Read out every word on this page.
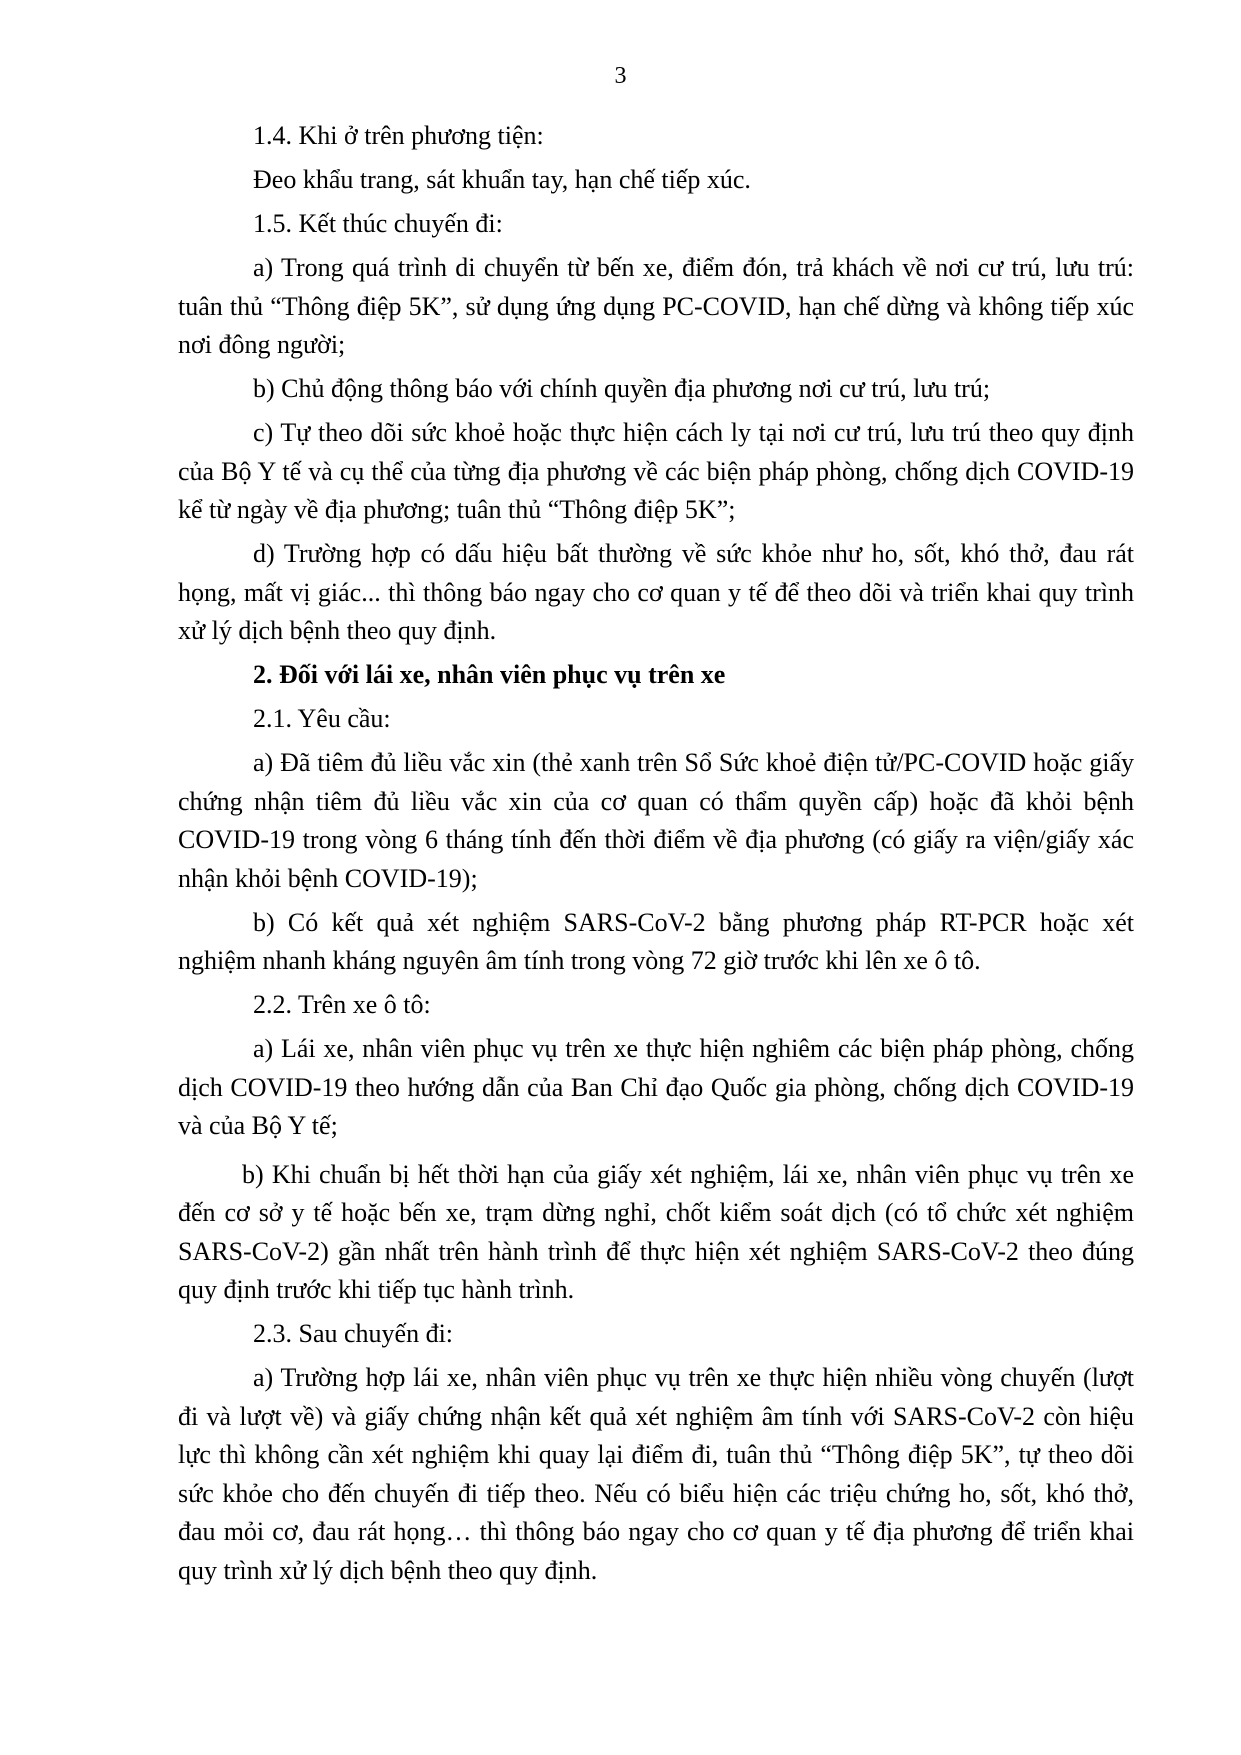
3

1.4. Khi ở trên phương tiện:

Đeo khẩu trang, sát khuẩn tay, hạn chế tiếp xúc.

1.5. Kết thúc chuyến đi:

a) Trong quá trình di chuyển từ bến xe, điểm đón, trả khách về nơi cư trú, lưu trú: tuân thủ “Thông điệp 5K”, sử dụng ứng dụng PC-COVID, hạn chế dừng và không tiếp xúc nơi đông người;

b) Chủ động thông báo với chính quyền địa phương nơi cư trú, lưu trú;

c) Tự theo dõi sức khoẻ hoặc thực hiện cách ly tại nơi cư trú, lưu trú theo quy định của Bộ Y tế và cụ thể của từng địa phương về các biện pháp phòng, chống dịch COVID-19 kể từ ngày về địa phương; tuân thủ “Thông điệp 5K”;

d) Trường hợp có dấu hiệu bất thường về sức khỏe như ho, sốt, khó thở, đau rát họng, mất vị giác... thì thông báo ngay cho cơ quan y tế để theo dõi và triển khai quy trình xử lý dịch bệnh theo quy định.

2. Đối với lái xe, nhân viên phục vụ trên xe

2.1. Yêu cầu:

a) Đã tiêm đủ liều vắc xin (thẻ xanh trên Sổ Sức khoẻ điện tử/PC-COVID hoặc giấy chứng nhận tiêm đủ liều vắc xin của cơ quan có thẩm quyền cấp) hoặc đã khỏi bệnh COVID-19 trong vòng 6 tháng tính đến thời điểm về địa phương (có giấy ra viện/giấy xác nhận khỏi bệnh COVID-19);

b) Có kết quả xét nghiệm SARS-CoV-2 bằng phương pháp RT-PCR hoặc xét nghiệm nhanh kháng nguyên âm tính trong vòng 72 giờ trước khi lên xe ô tô.

2.2. Trên xe ô tô:

a) Lái xe, nhân viên phục vụ trên xe thực hiện nghiêm các biện pháp phòng, chống dịch COVID-19 theo hướng dẫn của Ban Chỉ đạo Quốc gia phòng, chống dịch COVID-19 và của Bộ Y tế;

b) Khi chuẩn bị hết thời hạn của giấy xét nghiệm, lái xe, nhân viên phục vụ trên xe đến cơ sở y tế hoặc bến xe, trạm dừng nghỉ, chốt kiểm soát dịch (có tổ chức xét nghiệm SARS-CoV-2) gần nhất trên hành trình để thực hiện xét nghiệm SARS-CoV-2 theo đúng quy định trước khi tiếp tục hành trình.

2.3. Sau chuyến đi:

a) Trường hợp lái xe, nhân viên phục vụ trên xe thực hiện nhiều vòng chuyến (lượt đi và lượt về) và giấy chứng nhận kết quả xét nghiệm âm tính với SARS-CoV-2 còn hiệu lực thì không cần xét nghiệm khi quay lại điểm đi, tuân thủ “Thông điệp 5K”, tự theo dõi sức khỏe cho đến chuyến đi tiếp theo. Nếu có biểu hiện các triệu chứng ho, sốt, khó thở, đau mỏi cơ, đau rát họng… thì thông báo ngay cho cơ quan y tế địa phương để triển khai quy trình xử lý dịch bệnh theo quy định.
